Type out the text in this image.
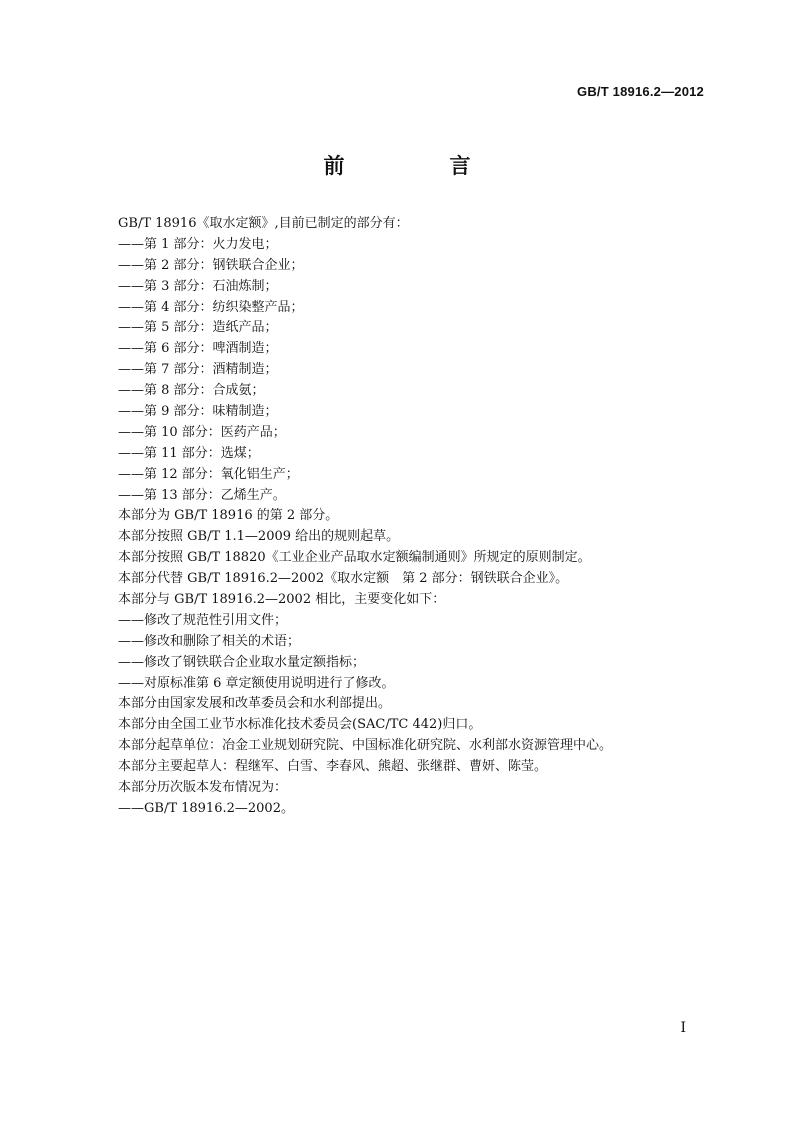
GB/T 18916.2—2012
前　言
GB/T 18916《取水定额》,目前已制定的部分有：
——第 1 部分：火力发电；
——第 2 部分：钢铁联合企业；
——第 3 部分：石油炼制；
——第 4 部分：纺织染整产品；
——第 5 部分：造纸产品；
——第 6 部分：啤酒制造；
——第 7 部分：酒精制造；
——第 8 部分：合成氨；
——第 9 部分：味精制造；
——第 10 部分：医药产品；
——第 11 部分：选煤；
——第 12 部分：氧化铝生产；
——第 13 部分：乙烯生产。
本部分为 GB/T 18916 的第 2 部分。
本部分按照 GB/T 1.1—2009 给出的规则起草。
本部分按照 GB/T 18820《工业企业产品取水定额编制通则》所规定的原则制定。
本部分代替 GB/T 18916.2—2002《取水定额　第 2 部分：钢铁联合企业》。
本部分与 GB/T 18916.2—2002 相比，主要变化如下：
——修改了规范性引用文件；
——修改和删除了相关的术语；
——修改了钢铁联合企业取水量定额指标；
——对原标准第 6 章定额使用说明进行了修改。
本部分由国家发展和改革委员会和水利部提出。
本部分由全国工业节水标准化技术委员会(SAC/TC 442)归口。
本部分起草单位：冶金工业规划研究院、中国标准化研究院、水利部水资源管理中心。
本部分主要起草人：程继军、白雪、李春风、熊超、张继群、曹妍、陈莹。
本部分历次版本发布情况为：
——GB/T 18916.2—2002。
I
